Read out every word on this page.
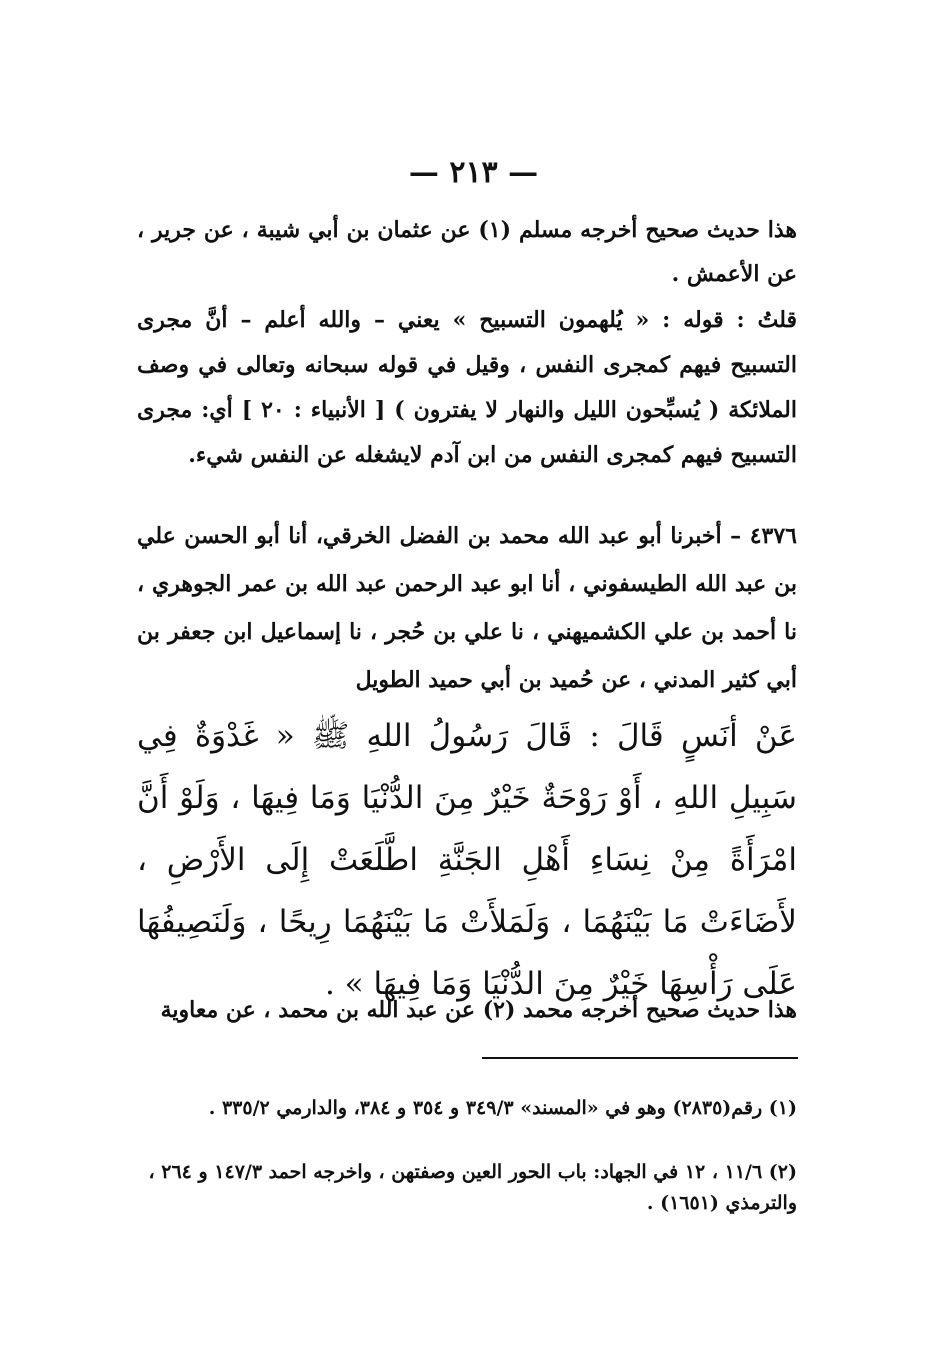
— ٢١٣ —
هذا حديث صحيح أخرجه مسلم (١) عن عثمان بن أبي شيبة ، عن جرير ، عن الأعمش .
قلتُ : قوله : « يُلهمون التسبيح » يعني – والله أعلم – أنَّ مجرى التسبيح فيهم كمجرى النفس ، وقيل في قوله سبحانه وتعالى في وصف الملائكة ( يُسبِّحون الليل والنهار لا يفترون ) [ الأنبياء : ٢٠ ] أي: مجرى التسبيح فيهم كمجرى النفس من ابن آدم لايشغله عن النفس شيء.
٤٣٧٦ – أخبرنا أبو عبد الله محمد بن الفضل الخرقي، أنا أبو الحسن علي بن عبد الله الطيسفوني ، أنا ابو عبد الرحمن عبد الله بن عمر الجوهري ، نا أحمد بن علي الكشميهني ، نا علي بن حُجر ، نا إسماعيل ابن جعفر بن أبي كثير المدني ، عن حُميد بن أبي حميد الطويل
عَنْ أنَسٍ قَالَ : قَالَ رَسُولُ اللهِ ﷺ « غَدْوَةٌ فِي سَبِيلِ اللهِ ، أَوْ رَوْحَةٌ خَيْرٌ مِنَ الدُّنْيَا وَمَا فِيهَا ، وَلَوْ أَنَّ امْرَأَةً مِنْ نِسَاءِ أَهْلِ الجَنَّةِ اطَّلَعَتْ إِلَى الأَرْضِ ، لأَضَاءَتْ مَا بَيْنَهُمَا ، وَلَمَلأَتْ مَا بَيْنَهُمَا رِيحًا ، وَلَنَصِيفُهَا عَلَى رَأْسِهَا خَيْرٌ مِنَ الدُّنْيَا وَمَا فِيهَا » .
هذا حديث صحيح أخرجه محمد (٢) عن عبد الله بن محمد ، عن معاوية
(١) رقم(٢٨٣٥) وهو في «المسند» ٣٤٩/٣ و ٣٥٤ و ٣٨٤، والدارمي ٣٣٥/٢ .
(٢) ١١/٦ ، ١٢ في الجهاد: باب الحور العين وصفتهن ، واخرجه احمد ١٤٧/٣ و ٢٦٤ ، والترمذي (١٦٥١) .
